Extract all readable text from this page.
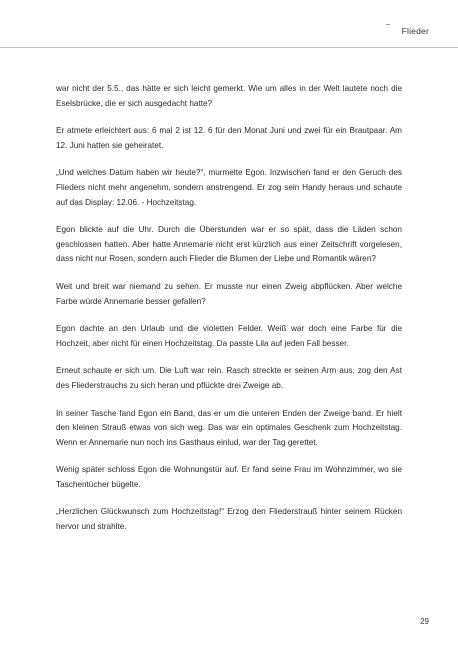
Flieder

war nicht der 5.5., das hätte er sich leicht gemerkt. Wie um alles in der Welt lautete noch die Eselsbrücke, die er sich ausgedacht hatte?

Er atmete erleichtert aus: 6 mal 2 ist 12. 6 für den Monat Juni und zwei für ein Brautpaar. Am 12. Juni hatten sie geheiratet.

„Und welches Datum haben wir heute?“, murmelte Egon. Inzwischen fand er den Geruch des Flieders nicht mehr angenehm, sondern anstrengend. Er zog sein Handy heraus und schaute auf das Display: 12.06. - Hochzeitstag.

Egon blickte auf die Uhr. Durch die Überstunden war er so spät, dass die Läden schon geschlossen hatten. Aber hatte Annemarie nicht erst kürzlich aus einer Zeitschrift vorgelesen, dass nicht nur Rosen, sondern auch Flieder die Blumen der Liebe und Romantik wären?

Weit und breit war niemand zu sehen. Er musste nur einen Zweig abpflücken. Aber welche Farbe würde Annemarie besser gefallen?

Egon dachte an den Urlaub und die violetten Felder. Weiß war doch eine Farbe für die Hochzeit, aber nicht für einen Hochzeitstag. Da passte Lila auf jeden Fall besser.

Erneut schaute er sich um. Die Luft war rein. Rasch streckte er seinen Arm aus, zog den Ast des Fliederstrauchs zu sich heran und pflückte drei Zweige ab.

In seiner Tasche fand Egon ein Band, das er um die unteren Enden der Zweige band. Er hielt den kleinen Strauß etwas von sich weg. Das war ein optimales Geschenk zum Hochzeitstag. Wenn er Annemarie nun noch ins Gasthaus einlud, war der Tag gerettet.

Wenig später schloss Egon die Wohnungstür auf. Er fand seine Frau im Wohnzimmer, wo sie Taschentücher bügelte.

„Herzlichen Glückwunsch zum Hochzeitstag!“ Erzog den Fliederstrauß hinter seinem Rücken hervor und strahlte.

29
